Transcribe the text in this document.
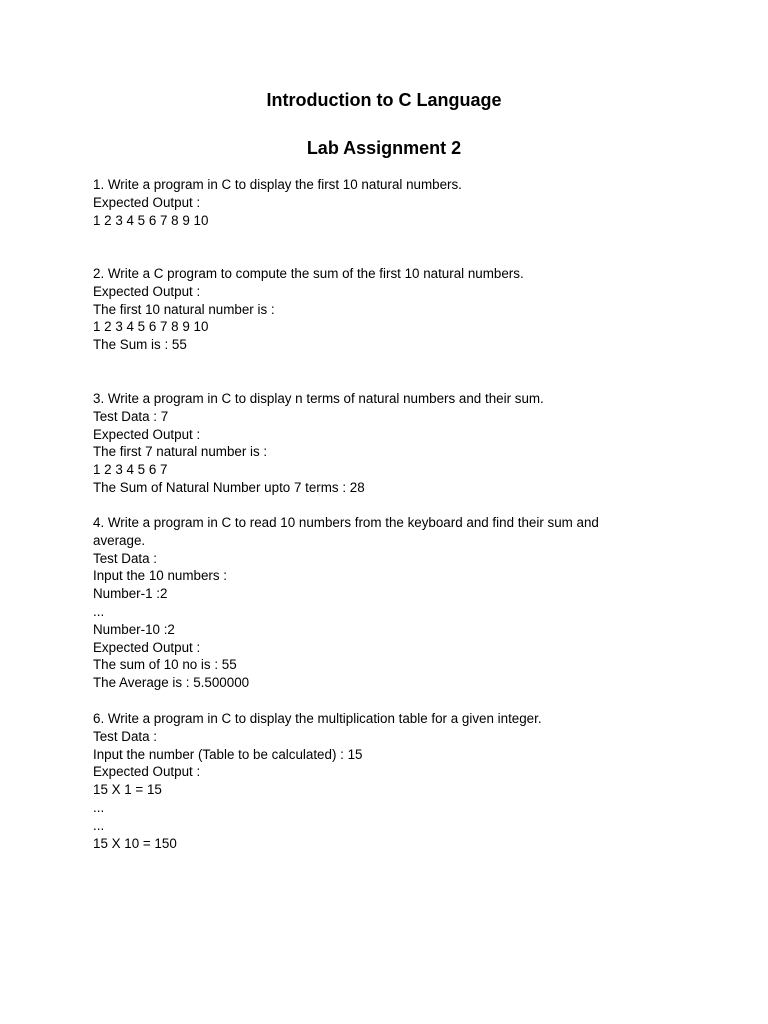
Introduction to C Language
Lab Assignment 2
1. Write a program in C to display the first 10 natural numbers.
Expected Output :
1 2 3 4 5 6 7 8 9 10
2. Write a C program to compute the sum of the first 10 natural numbers.
Expected Output :
The first 10 natural number is :
1 2 3 4 5 6 7 8 9 10
The Sum is : 55
3. Write a program in C to display n terms of natural numbers and their sum.
Test Data : 7
Expected Output :
The first 7 natural number is :
1 2 3 4 5 6 7
The Sum of Natural Number upto 7 terms : 28
4. Write a program in C to read 10 numbers from the keyboard and find their sum and
average.
Test Data :
Input the 10 numbers :
Number-1 :2
...
Number-10 :2
Expected Output :
The sum of 10 no is : 55
The Average is : 5.500000
6. Write a program in C to display the multiplication table for a given integer.
Test Data :
Input the number (Table to be calculated) : 15
Expected Output :
15 X 1 = 15
...
...
15 X 10 = 150
